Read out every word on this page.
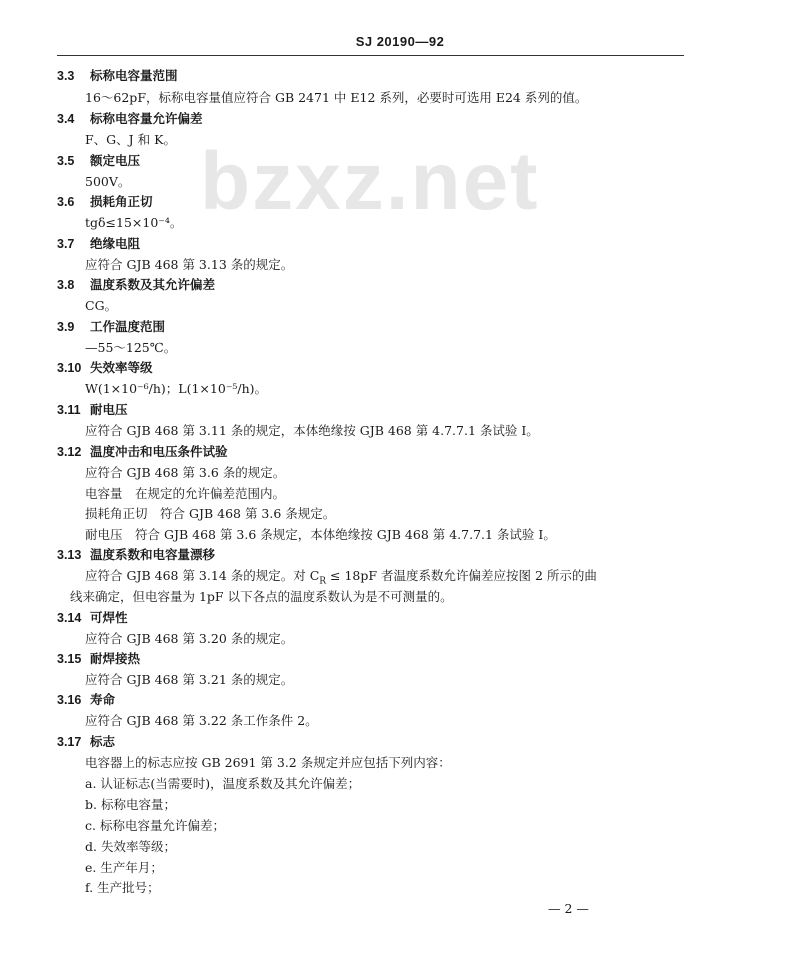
bzxz.net
SJ 20190—92
3.3 标称电容量范围
16～62pF，标称电容量值应符合 GB 2471 中 E12 系列，必要时可选用 E24 系列的值。
3.4 标称电容量允许偏差
F、G、J 和 K。
3.5 额定电压
500V。
3.6 损耗角正切
tgδ≤15×10⁻⁴。
3.7 绝缘电阻
应符合 GJB 468 第 3.13 条的规定。
3.8 温度系数及其允许偏差
CG。
3.9 工作温度范围
—55～125℃。
3.10 失效率等级
W(1×10⁻⁶/h)；L(1×10⁻⁵/h)。
3.11 耐电压
应符合 GJB 468 第 3.11 条的规定，本体绝缘按 GJB 468 第 4.7.7.1 条试验 Ⅰ。
3.12 温度冲击和电压条件试验
应符合 GJB 468 第 3.6 条的规定。
电容量　在规定的允许偏差范围内。
损耗角正切　符合 GJB 468 第 3.6 条规定。
耐电压　符合 GJB 468 第 3.6 条规定，本体绝缘按 GJB 468 第 4.7.7.1 条试验 Ⅰ。
3.13 温度系数和电容量漂移
应符合 GJB 468 第 3.14 条的规定。对 $C_R \le 18pF$ 者温度系数允许偏差应按图 2 所示的曲
线来确定，但电容量为 1pF 以下各点的温度系数认为是不可测量的。
3.14 可焊性
应符合 GJB 468 第 3.20 条的规定。
3.15 耐焊接热
应符合 GJB 468 第 3.21 条的规定。
3.16 寿命
应符合 GJB 468 第 3.22 条工作条件 2。
3.17 标志
电容器上的标志应按 GB 2691 第 3.2 条规定并应包括下列内容：
a. 认证标志(当需要时)，温度系数及其允许偏差；
b. 标称电容量；
c. 标称电容量允许偏差；
d. 失效率等级；
e. 生产年月；
f. 生产批号；
— 2 —
